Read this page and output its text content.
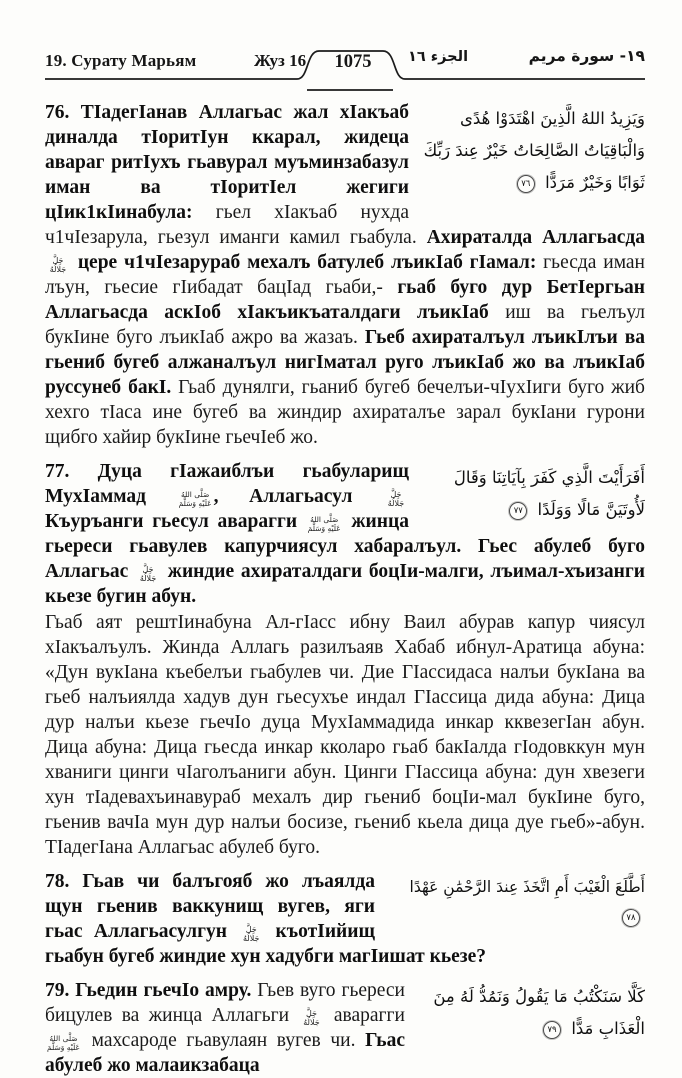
19. Сурату Марьям	Жуз 16	1075	الجزء ١٦	١٩- سورة مريم
وَيَزِيدُ اللهُ الَّذِينَ اهْتَدَوْا هُدًى وَالْبَاقِيَاتُ الصَّالِحَاتُ خَيْرٌ عِندَ رَبِّكَ ثَوَابًا وَخَيْرٌ مَرَدًّا ٧٦

76. ТIадегIанав Аллагьас жал хIакъаб диналда тIоритIун ккарал, жидеца авараг ритIухъ гьавурал муъминзабазул иман ва тIоритIел жегиги цIик1кIинабула: гьел хIакъаб нухда ч1чIезарула, гьезул иманги камил гьабула. Ахираталда Аллагьасда جَلَّ جَلَالُهُ цере ч1чIезарураб мехалъ батулеб лъикIаб гIамал: гьесда иман лъун, гьесие гIибадат бацIад гьаби,- гьаб буго дур БетIергьан Аллагьасда аскIоб хIакъикъаталдаги лъикIаб иш ва гьелъул букIине буго лъикIаб ажро ва жазаъ. Гьеб ахираталъул лъикIлъи ва гьениб бугеб алжаналъул нигIматал руго лъикIаб жо ва лъикIаб руссунеб бакI. Гьаб дунялги, гьаниб бугеб бечелъи-чIухIиги буго жиб хехго тIаса ине бугеб ва жиндир ахираталъе зарал букIани гурони щибго хайир букIине гьечIеб жо.

أَفَرَأَيْتَ الَّذِي كَفَرَ بِآيَاتِنَا وَقَالَ لَأُوتَيَنَّ مَالًا وَوَلَدًا ٧٧

77. Дуца гIажаиблъи гьабуларищ МухIаммад صَلَّى اللهُ عَلَيْهِ وَسَلَّمَ , Аллагьасул جَلَّ جَلَالُهُ Къуръанги гьесул аварагги صَلَّى اللهُ عَلَيْهِ وَسَلَّمَ жинца гьереси гьавулев капурчиясул хабаралъул. Гьес абулеб буго Аллагьас جَلَّ جَلَالُهُ жиндие ахираталдаги боцIи-малги, лъимал-хъизанги кьезе бугин абун.

Гьаб аят рештIинабуна Ал-гIасс ибну Ваил абурав капур чиясул хIакъалъулъ. Жинда Аллагь разилъаяв Хабаб ибнул-Аратица абуна: «Дун вукIана къебелъи гьабулев чи. Дие ГIассидаса налъи букIана ва гьеб налъиялда хадув дун гьесухъе индал ГIассица дида абуна: Дица дур налъи кьезе гьечIо дуца МухIаммадида инкар кквезегIан абун. Дица абуна: Дица гьесда инкар кколаро гьаб бакIалда гIодовккун мун хваниги цинги чIаголъаниги абун. Цинги ГIассица абуна: дун хвезеги хун тIадевахъинавураб мехалъ дир гьениб боцIи-мал букIине буго, гьенив вачIа мун дур налъи босизе, гьениб кьела дица дуе гьеб»-абун. ТIадегIана Аллагьас абулеб буго.

أَطَّلَعَ الْغَيْبَ أَمِ اتَّخَذَ عِندَ الرَّحْمَٰنِ عَهْدًا ٧٨

78. Гьав чи балъгояб жо лъаялда щун гьенив ваккунищ вугев, яги гьас Аллагьасулгун جَلَّ جَلَالُهُ къотIийищ гьабун бугеб жиндие хун хадубги магIишат кьезе?

كَلَّا سَنَكْتُبُ مَا يَقُولُ وَنَمُدُّ لَهُ مِنَ الْعَذَابِ مَدًّا ٧٩

79. Гьедин гьечIо амру. Гьев вуго гьереси бицулев ва жинца Аллагьги جَلَّ جَلَالُهُ аварагги صَلَّى اللهُ عَلَيْهِ وَسَلَّمَ махсароде гьавулаян вугев чи. Гьас абулеб жо малаикзабаца
